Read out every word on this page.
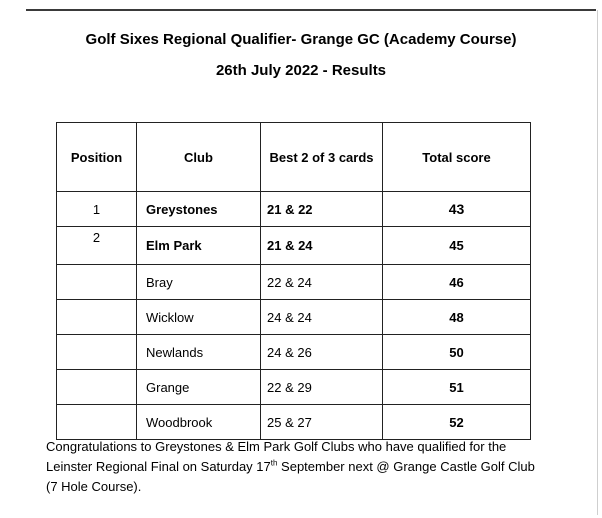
Golf Sixes Regional Qualifier- Grange GC (Academy Course)
26th July 2022 - Results
Position	Club	Best 2 of 3 cards	Total score
1	Greystones	21 & 22	43
2	Elm Park	21 & 24	45
	Bray	22 & 24	46
	Wicklow	24 & 24	48
	Newlands	24 & 26	50
	Grange	22 & 29	51
	Woodbrook	25 & 27	52
Congratulations to Greystones & Elm Park Golf Clubs who have qualified for the
Leinster Regional Final on Saturday 17th September next @ Grange Castle Golf Club
(7 Hole Course).
